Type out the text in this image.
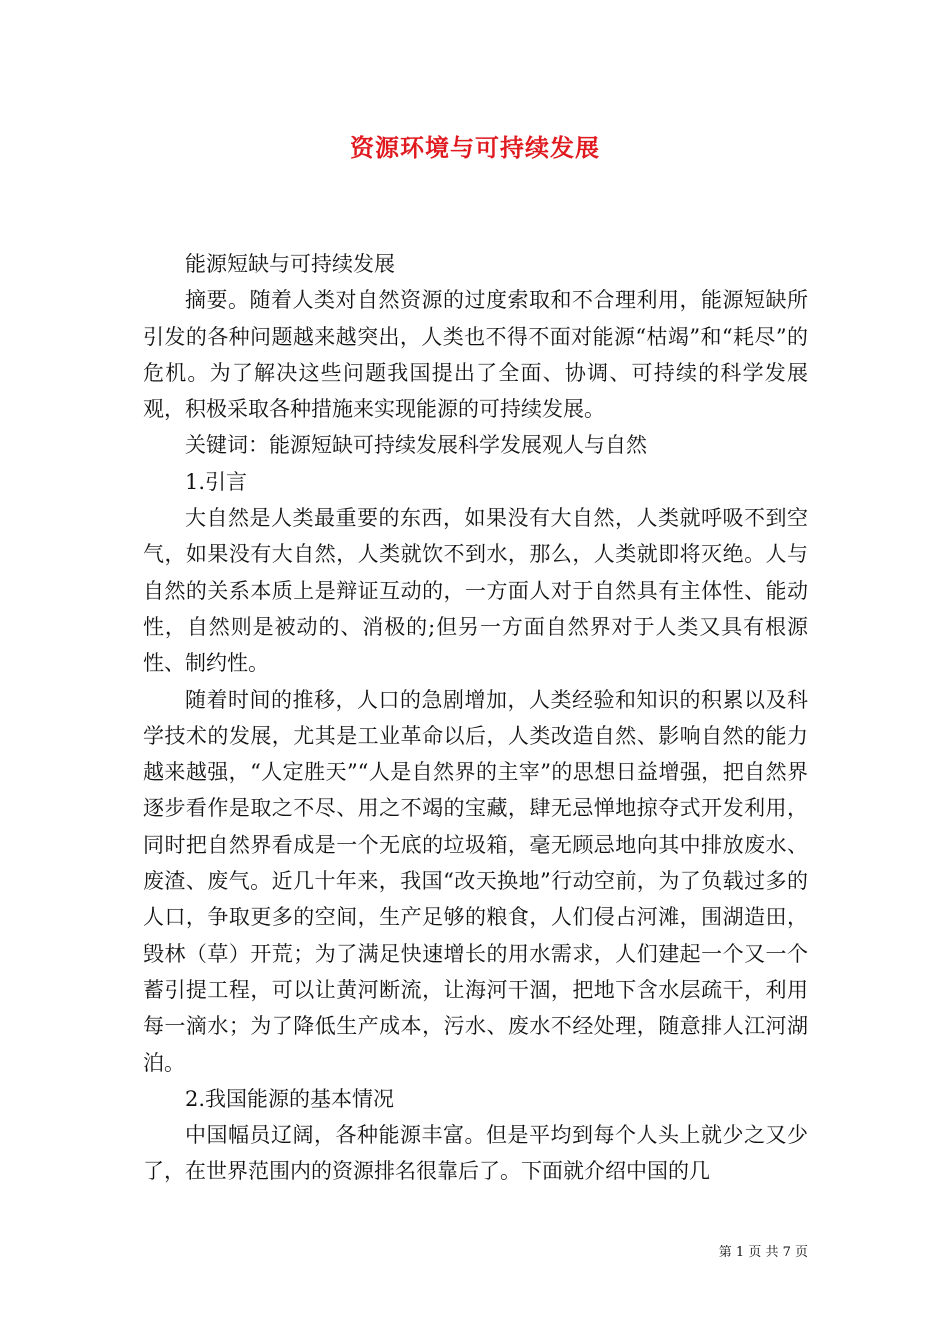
资源环境与可持续发展

能源短缺与可持续发展

摘要。随着人类对自然资源的过度索取和不合理利用，能源短缺所引发的各种问题越来越突出，人类也不得不面对能源“枯竭”和“耗尽”的危机。为了解决这些问题我国提出了全面、协调、可持续的科学发展观，积极采取各种措施来实现能源的可持续发展。

关键词：能源短缺可持续发展科学发展观人与自然

1.引言

大自然是人类最重要的东西，如果没有大自然，人类就呼吸不到空气，如果没有大自然，人类就饮不到水，那么，人类就即将灭绝。人与自然的关系本质上是辩证互动的，一方面人对于自然具有主体性、能动性，自然则是被动的、消极的;但另一方面自然界对于人类又具有根源性、制约性。

随着时间的推移，人口的急剧增加，人类经验和知识的积累以及科学技术的发展，尤其是工业革命以后，人类改造自然、影响自然的能力越来越强，“人定胜天”“人是自然界的主宰”的思想日益增强，把自然界逐步看作是取之不尽、用之不竭的宝藏，肆无忌惮地掠夺式开发利用，同时把自然界看成是一个无底的垃圾箱，毫无顾忌地向其中排放废水、废渣、废气。近几十年来，我国“改天换地”行动空前，为了负载过多的人口，争取更多的空间，生产足够的粮食，人们侵占河滩，围湖造田，毁林（草）开荒；为了满足快速增长的用水需求，人们建起一个又一个蓄引提工程，可以让黄河断流，让海河干涸，把地下含水层疏干，利用每一滴水；为了降低生产成本，污水、废水不经处理，随意排人江河湖泊。

2.我国能源的基本情况

中国幅员辽阔，各种能源丰富。但是平均到每个人头上就少之又少了，在世界范围内的资源排名很靠后了。下面就介绍中国的几

第 1 页 共 7 页
